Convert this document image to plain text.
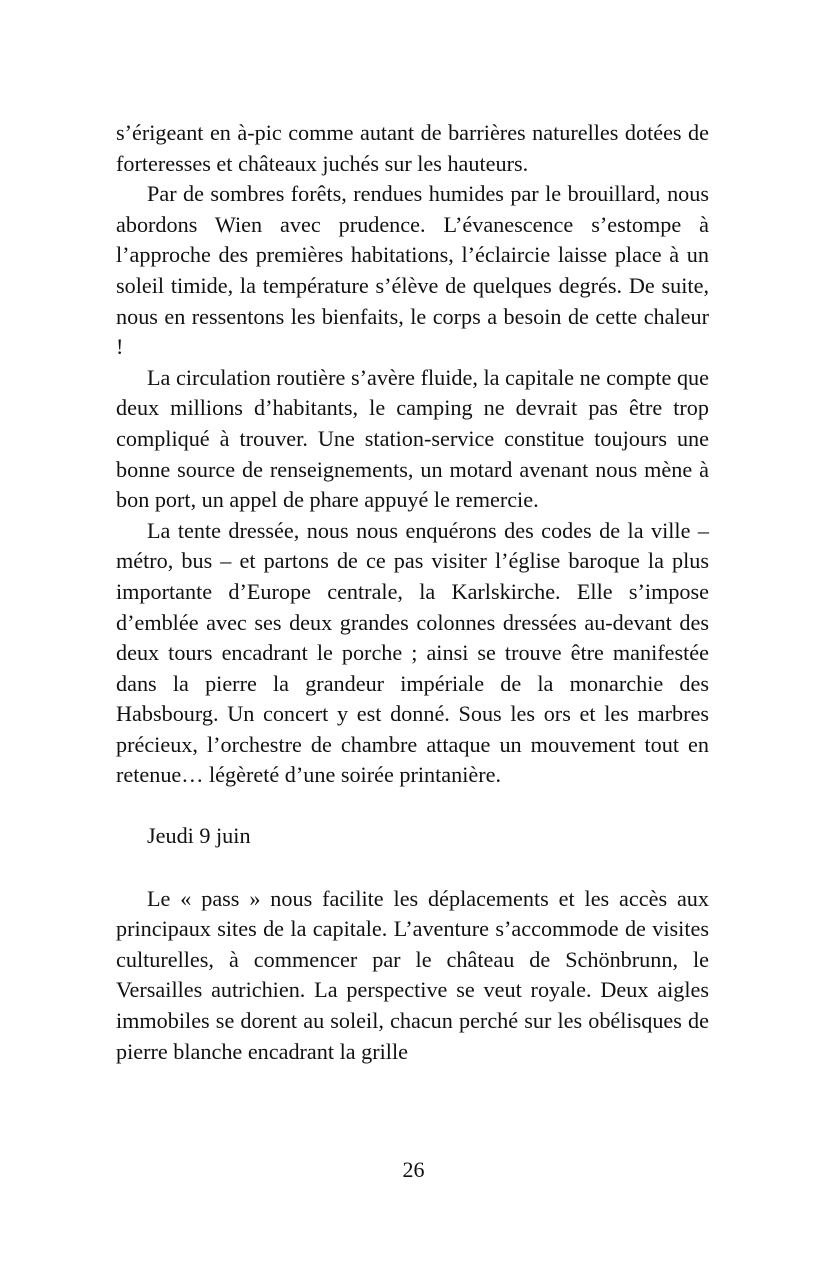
s’érigeant en à-pic comme autant de barrières naturelles dotées de forteresses et châteaux juchés sur les hauteurs.

Par de sombres forêts, rendues humides par le brouillard, nous abordons Wien avec prudence. L’évanescence s’estompe à l’approche des premières habitations, l’éclaircie laisse place à un soleil timide, la température s’élève de quelques degrés. De suite, nous en ressentons les bienfaits, le corps a besoin de cette chaleur !

La circulation routière s’avère fluide, la capitale ne compte que deux millions d’habitants, le camping ne devrait pas être trop compliqué à trouver. Une station-service constitue toujours une bonne source de renseignements, un motard avenant nous mène à bon port, un appel de phare appuyé le remercie.

La tente dressée, nous nous enquérons des codes de la ville – métro, bus – et partons de ce pas visiter l’église baroque la plus importante d’Europe centrale, la Karlskirche. Elle s’impose d’emblée avec ses deux grandes colonnes dressées au-devant des deux tours encadrant le porche ; ainsi se trouve être manifestée dans la pierre la grandeur impériale de la monarchie des Habsbourg. Un concert y est donné. Sous les ors et les marbres précieux, l’orchestre de chambre attaque un mouvement tout en retenue… légèreté d’une soirée printanière.

Jeudi 9 juin

Le « pass » nous facilite les déplacements et les accès aux principaux sites de la capitale. L’aventure s’accommode de visites culturelles, à commencer par le château de Schönbrunn, le Versailles autrichien. La perspective se veut royale. Deux aigles immobiles se dorent au soleil, chacun perché sur les obélisques de pierre blanche encadrant la grille

26
